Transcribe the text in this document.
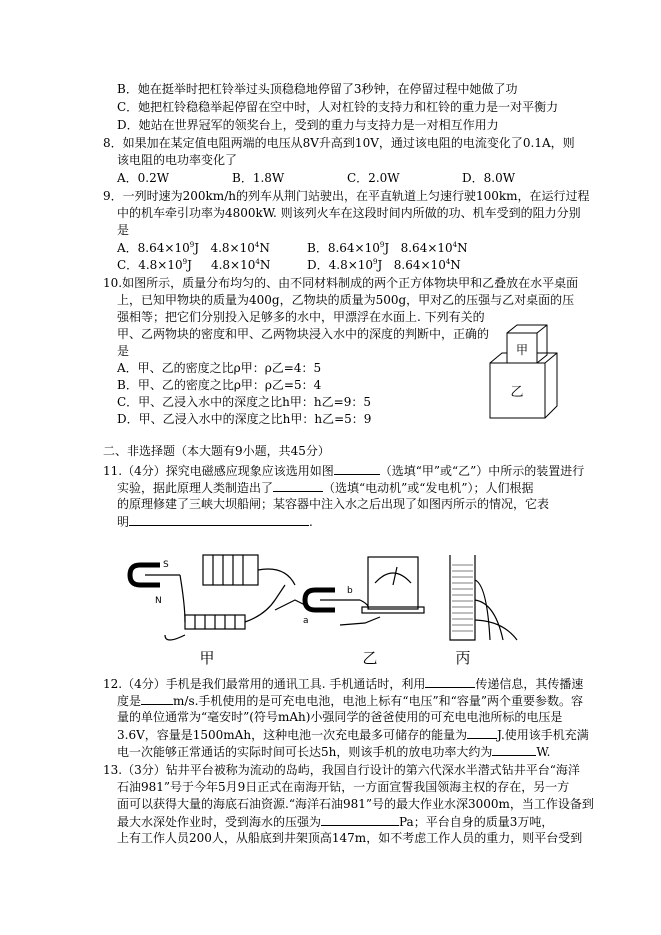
B．她在挺举时把杠铃举过头顶稳稳地停留了3秒钟，在停留过程中她做了功
C．她把杠铃稳稳举起停留在空中时，人对杠铃的支持力和杠铃的重力是一对平衡力
D．她站在世界冠军的领奖台上，受到的重力与支持力是一对相互作用力
8．如果加在某定值电阻两端的电压从8V升高到10V，通过该电阻的电流变化了0.1A，则
该电阻的电功率变化了
A．0.2W	B．1.8W	C．2.0W	D．8.0W
9．一列时速为200km/h的列车从荆门站驶出，在平直轨道上匀速行驶100km，在运行过程
中的机车牵引功率为4800kW. 则该列火车在这段时间内所做的功、机车受到的阻力分别
是
A．$8.64\times 10^9J$ $4.8\times 10^4N$	B．$8.64\times 10^9J$ $8.64\times 10^4N$
C．$4.8\times 10^9J$ $4.8\times 10^4N$	D．$4.8\times 10^9J$ $8.64\times 10^4N$
10.如图所示，质量分布均匀的、由不同材料制成的两个正方体物块甲和乙叠放在水平桌面
上，已知甲物块的质量为400g，乙物块的质量为500g，甲对乙的压强与乙对桌面的压
强相等；把它们分别投入足够多的水中，甲漂浮在水面上. 下列有关的
甲、乙两物块的密度和甲、乙两物块浸入水中的深度的判断中，正确的
是
A．甲、乙的密度之比ρ甲：ρ乙=4：5
B．甲、乙的密度之比ρ甲：ρ乙=5：4
C．甲、乙浸入水中的深度之比h甲：h乙=9：5
D．甲、乙浸入水中的深度之比h甲：h乙=5：9
甲
乙
二、非选择题（本大题有9小题，共45分）
11.（4分）探究电磁感应现象应该选用如图	（选填“甲”或“乙”）中所示的装置进行
实验，据此原理人类制造出了	（选填“电动机”或“发电机”）；人们根据
的原理修建了三峡大坝船闸；某容器中注入水之后出现了如图丙所示的情况，它表
明	.
S
N
a
b
甲	乙	丙
12.（4分）手机是我们最常用的通讯工具. 手机通话时，利用	传递信息，其传播速
度是	m/s.手机使用的是可充电电池，电池上标有“电压”和“容量”两个重要参数。容
量的单位通常为“毫安时”(符号mAh)小强同学的爸爸使用的可充电电池所标的电压是
3.6V，容量是1500mAh，这种电池一次充电最多可储存的能量为	J.使用该手机充满
电一次能够正常通话的实际时间可长达5h，则该手机的放电功率大约为	W.
13.（3分）钻井平台被称为流动的岛屿，我国自行设计的第六代深水半潜式钻井平台“海洋
石油981”号于今年5月9日正式在南海开钻，一方面宣誓我国领海主权的存在，另一方
面可以获得大量的海底石油资源.“海洋石油981”号的最大作业水深3000m，当工作设备到
最大水深处作业时，受到海水的压强为	Pa；平台自身的质量3万吨，
上有工作人员200人，从船底到井架顶高147m，如不考虑工作人员的重力，则平台受到
